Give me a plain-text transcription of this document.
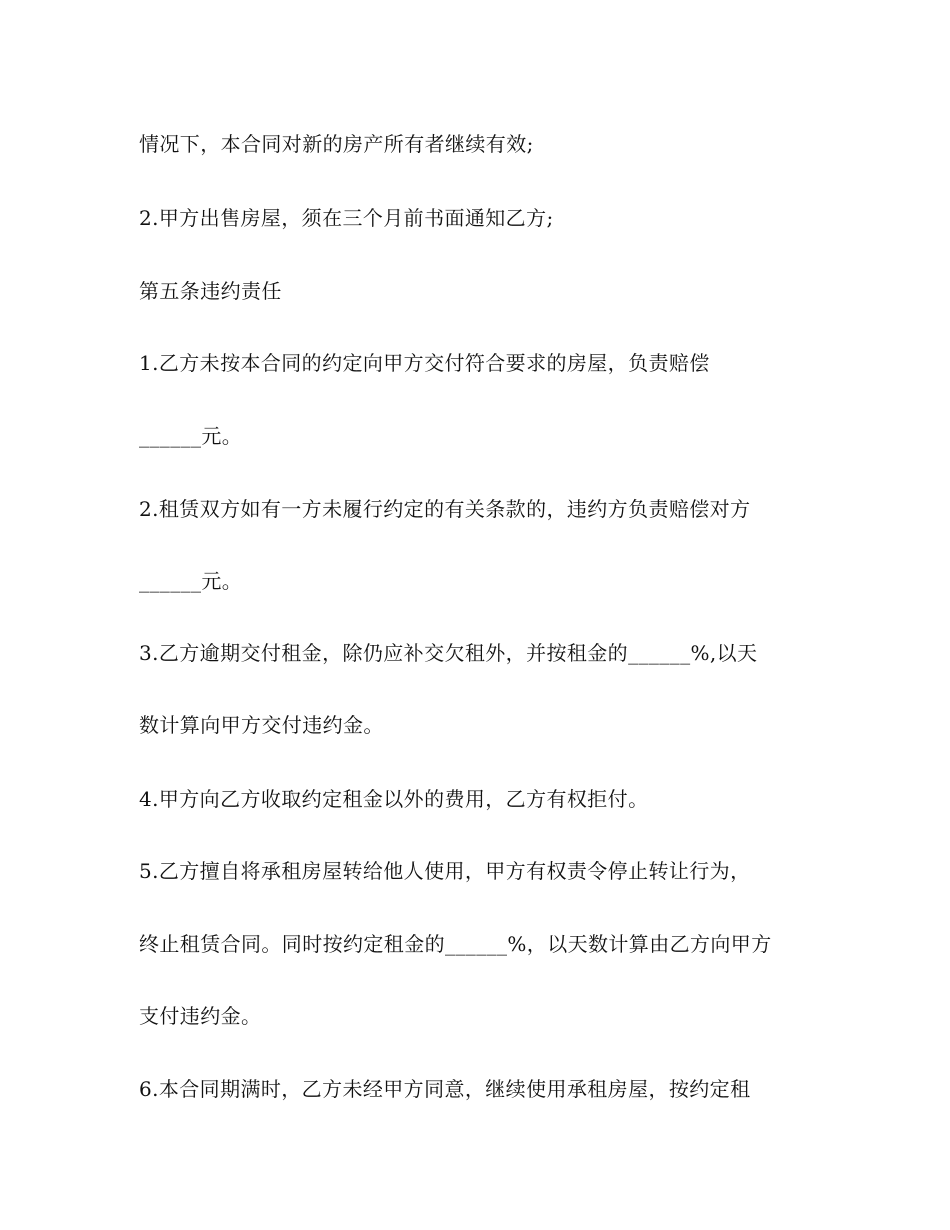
情况下，本合同对新的房产所有者继续有效;

2.甲方出售房屋，须在三个月前书面通知乙方;

第五条违约责任

1.乙方未按本合同的约定向甲方交付符合要求的房屋，负责赔偿

______元。

2.租赁双方如有一方未履行约定的有关条款的，违约方负责赔偿对方

______元。

3.乙方逾期交付租金，除仍应补交欠租外，并按租金的______%,以天

数计算向甲方交付违约金。

4.甲方向乙方收取约定租金以外的费用，乙方有权拒付。

5.乙方擅自将承租房屋转给他人使用，甲方有权责令停止转让行为，

终止租赁合同。同时按约定租金的______%，以天数计算由乙方向甲方

支付违约金。

6.本合同期满时，乙方未经甲方同意，继续使用承租房屋，按约定租
